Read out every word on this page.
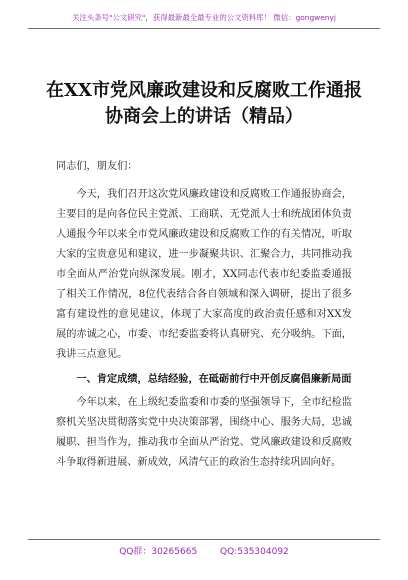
关注头条号"公文研究"，获得最新最全最专业的公文资料库！ 微信：gongwenyj
在XX市党风廉政建设和反腐败工作通报
协商会上的讲话（精品）

同志们，朋友们：

今天，我们召开这次党风廉政建设和反腐败工作通报协商会，主要目的是向各位民主党派、工商联、无党派人士和统战团体负责人通报今年以来全市党风廉政建设和反腐败工作的有关情况，听取大家的宝贵意见和建议，进一步凝聚共识、汇聚合力，共同推动我市全面从严治党向纵深发展。刚才，XX同志代表市纪委监委通报了相关工作情况，8位代表结合各自领域和深入调研，提出了很多富有建设性的意见建议，体现了大家高度的政治责任感和对XX发展的赤诚之心，市委、市纪委监委将认真研究、充分吸纳。下面，我讲三点意见。

一、肯定成绩，总结经验，在砥砺前行中开创反腐倡廉新局面

今年以来，在上级纪委监委和市委的坚强领导下，全市纪检监察机关坚决贯彻落实党中央决策部署，围绕中心、服务大局，忠诚履职、担当作为，推动我市全面从严治党、党风廉政建设和反腐败斗争取得新进展、新成效，风清气正的政治生态持续巩固向好。

QQ群：30265665	QQ:535304092
